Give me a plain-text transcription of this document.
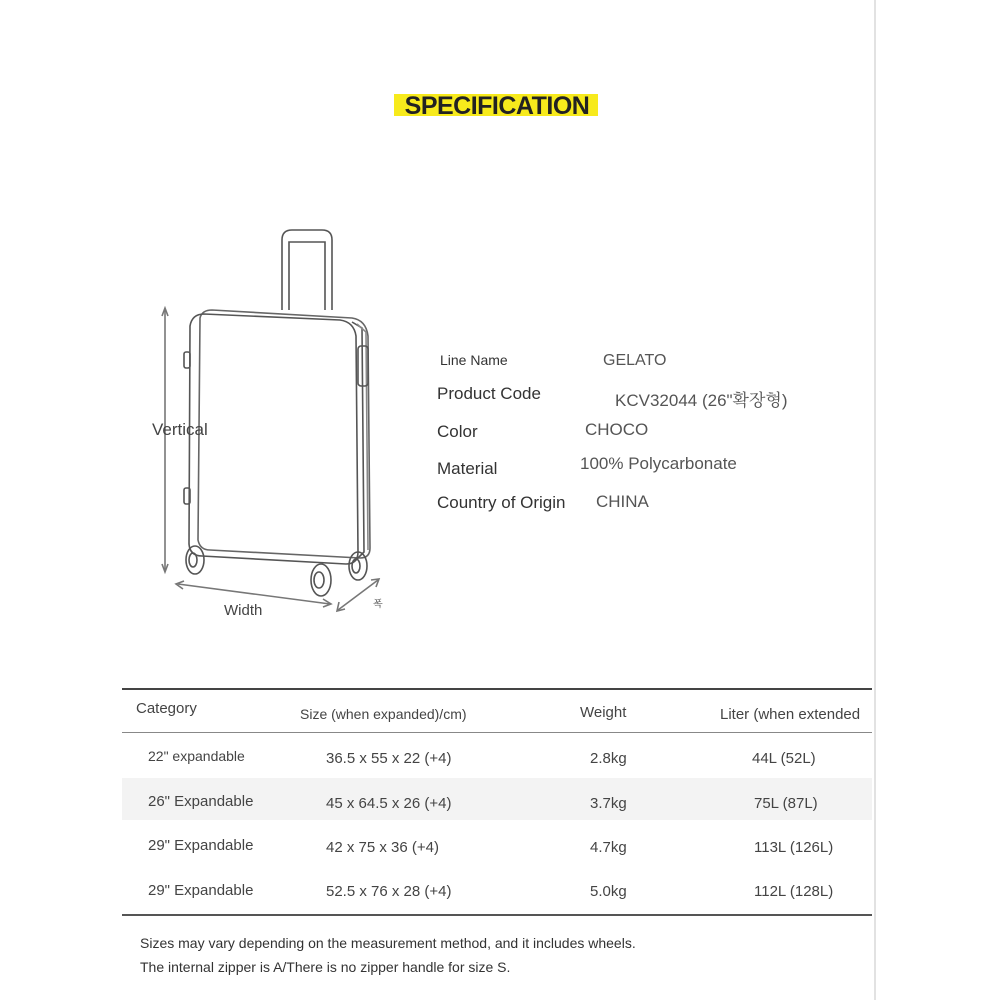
SPECIFICATION
Vertical
Width	폭
Line Name	GELATO
Product Code	KCV32044 (26"확장형)
Color	CHOCO
Material	100% Polycarbonate
Country of Origin CHINA
Category	Size (when expanded)/cm)	Weight	Liter (when extended
22" expandable	36.5 x 55 x 22 (+4)	2.8kg	44L (52L)
26" Expandable	45 x 64.5 x 26 (+4)	3.7kg	75L (87L)
29" Expandable	42 x 75 x 36 (+4)	4.7kg	113L (126L)
29" Expandable	52.5 x 76 x 28 (+4)	5.0kg	112L (128L)
Sizes may vary depending on the measurement method, and it includes wheels.
The internal zipper is A/There is no zipper handle for size S.
